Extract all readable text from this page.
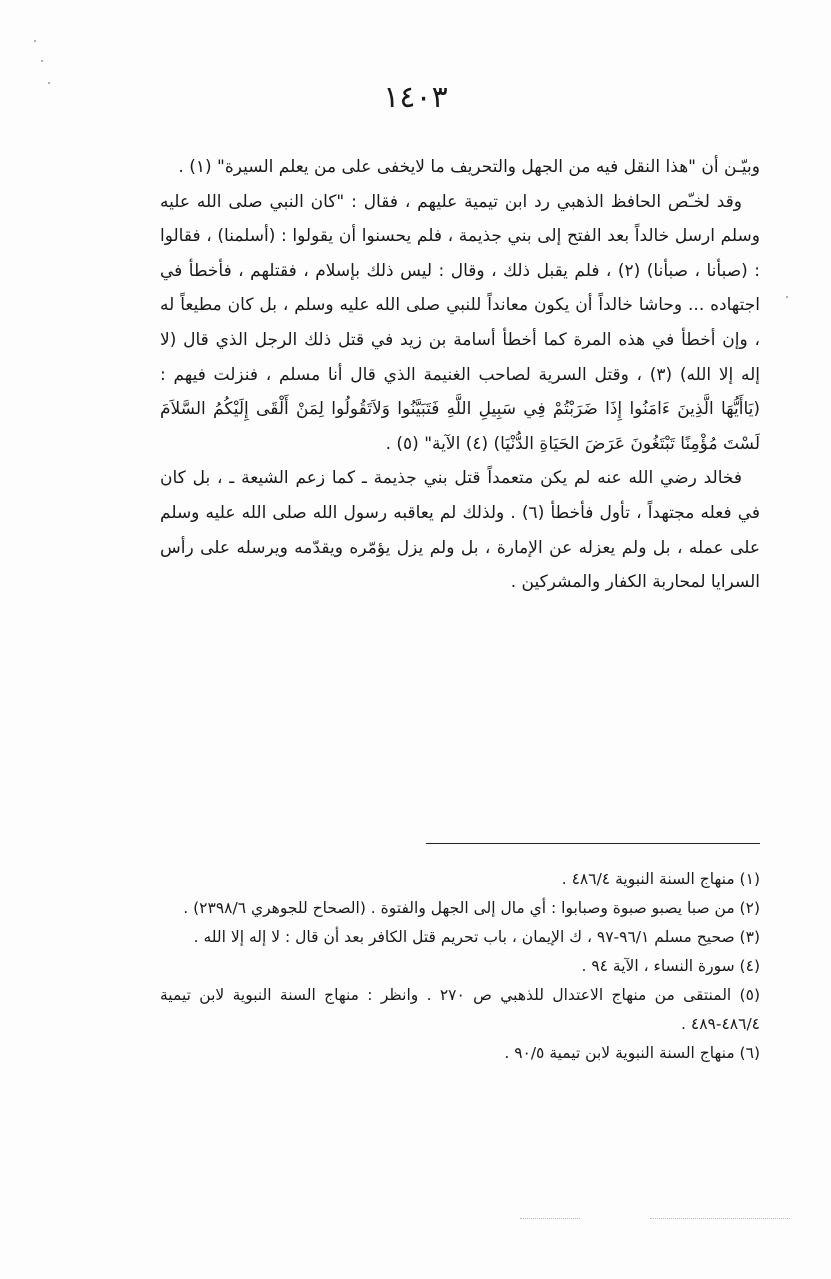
١٤٠٣

وبيّـن أن "هذا النقل فيه من الجهل والتحريف ما لايخفى على من يعلم السيرة" (١) .

وقد لخـّص الحافظ الذهبي رد ابن تيمية عليهم ، فقال : "كان النبي صلى الله عليه وسلم ارسل خالداً بعد الفتح إلى بني جذيمة ، فلم يحسنوا أن يقولوا : (أسلمنا) ، فقالوا : (صبأنا ، صبأنا) (٢) ، فلم يقبل ذلك ، وقال : ليس ذلك بإسلام ، فقتلهم ، فأخطأ في اجتهاده ... وحاشا خالداً أن يكون معانداً للنبي صلى الله عليه وسلم ، بل كان مطيعاً له ، وإن أخطأ في هذه المرة كما أخطأ أسامة بن زيد في قتل ذلك الرجل الذي قال (لا إله إلا الله) (٣) ، وقتل السرية لصاحب الغنيمة الذي قال أنا مسلم ، فنزلت فيهم : (يَاأَيُّهَا الَّذِينَ ءَامَنُوا إِذَا ضَرَبْتُمْ فِي سَبِيلِ اللَّهِ فَتَبَيَّنُوا وَلاَتَقُولُوا لِمَنْ أَلْقَى إِلَيْكُمُ السَّلاَمَ لَسْتَ مُؤْمِنًا تَبْتَغُونَ عَرَضَ الحَيَاةِ الدُّنْيَا) (٤) الآية" (٥) .

فخالد رضي الله عنه لم يكن متعمداً قتل بني جذيمة ـ كما زعم الشيعة ـ ، بل كان في فعله مجتهداً ، تأول فأخطأ (٦) . ولذلك لم يعاقبه رسول الله صلى الله عليه وسلم على عمله ، بل ولم يعزله عن الإمارة ، بل ولم يزل يؤمّره ويقدّمه ويرسله على رأس السرايا لمحاربة الكفار والمشركين .

(١) منهاج السنة النبوية ٤٨٦/٤ .

(٢) من صبا يصبو صبوة وصبابوا : أي مال إلى الجهل والفتوة . (الصحاح للجوهري ٢٣٩٨/٦) .

(٣) صحيح مسلم ٩٦/١-٩٧ ، ك الإيمان ، باب تحريم قتل الكافر بعد أن قال : لا إله إلا الله .

(٤) سورة النساء ، الآية ٩٤ .

(٥) المنتقى من منهاج الاعتدال للذهبي ص ٢٧٠ . وانظر : منهاج السنة النبوية لابن تيمية ٤٨٦/٤-٤٨٩ .

(٦) منهاج السنة النبوية لابن تيمية ٩٠/٥ .
